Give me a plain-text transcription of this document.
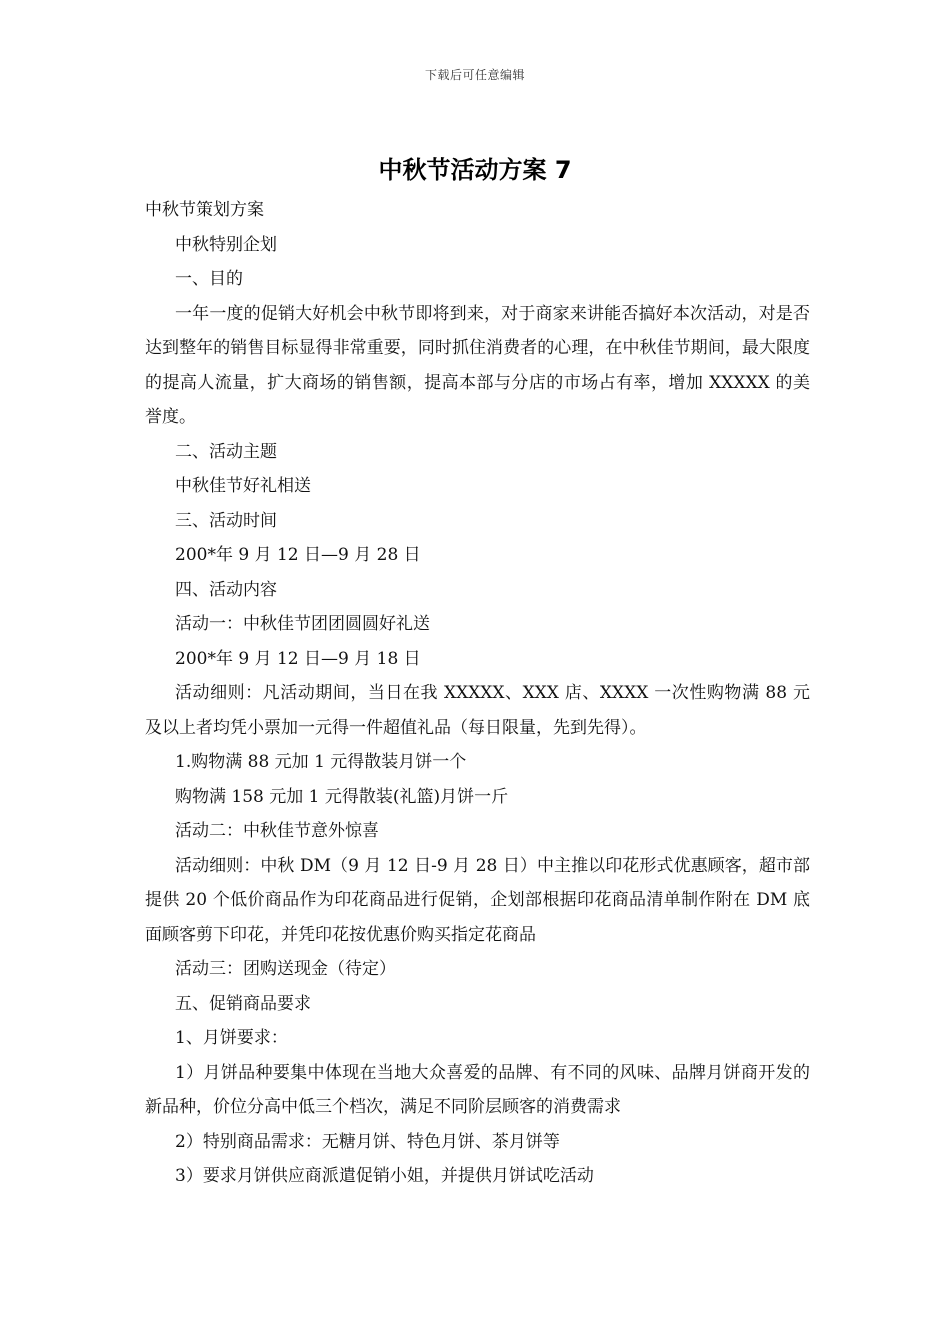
下载后可任意编辑
中秋节活动方案 7

中秋节策划方案

中秋特别企划

一、目的

一年一度的促销大好机会中秋节即将到来，对于商家来讲能否搞好本次活动，对是否达到整年的销售目标显得非常重要，同时抓住消费者的心理，在中秋佳节期间，最大限度的提高人流量，扩大商场的销售额，提高本部与分店的市场占有率，增加 XXXXX 的美誉度。

二、活动主题

中秋佳节好礼相送

三、活动时间

200*年 9 月 12 日—9 月 28 日

四、活动内容

活动一：中秋佳节团团圆圆好礼送

200*年 9 月 12 日—9 月 18 日

活动细则：凡活动期间，当日在我 XXXXX、XXX 店、XXXX 一次性购物满 88 元及以上者均凭小票加一元得一件超值礼品（每日限量，先到先得）。

1.购物满 88 元加 1 元得散装月饼一个

购物满 158 元加 1 元得散装(礼篮)月饼一斤

活动二：中秋佳节意外惊喜

活动细则：中秋 DM（9 月 12 日-9 月 28 日）中主推以印花形式优惠顾客，超市部提供 20 个低价商品作为印花商品进行促销，企划部根据印花商品清单制作附在 DM 底面顾客剪下印花，并凭印花按优惠价购买指定花商品

活动三：团购送现金（待定）

五、促销商品要求

1、月饼要求：

1）月饼品种要集中体现在当地大众喜爱的品牌、有不同的风味、品牌月饼商开发的新品种，价位分高中低三个档次，满足不同阶层顾客的消费需求

2）特别商品需求：无糖月饼、特色月饼、茶月饼等

3）要求月饼供应商派遣促销小姐，并提供月饼试吃活动
